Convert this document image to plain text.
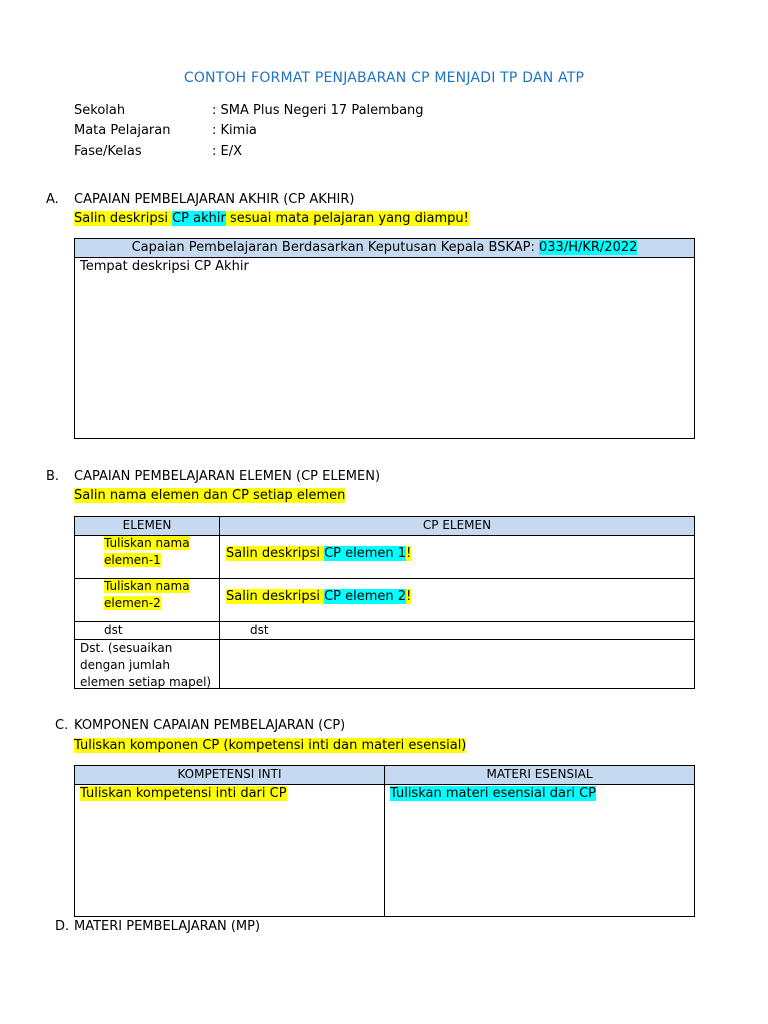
CONTOH FORMAT PENJABARAN CP MENJADI TP DAN ATP
Sekolah	: SMA Plus Negeri 17 Palembang
Mata Pelajaran	: Kimia
Fase/Kelas	: E/X
A. CAPAIAN PEMBELAJARAN AKHIR (CP AKHIR)
Salin deskripsi CP akhir sesuai mata pelajaran yang diampu!
Capaian Pembelajaran Berdasarkan Keputusan Kepala BSKAP: 033/H/KR/2022
Tempat deskripsi CP Akhir
B. CAPAIAN PEMBELAJARAN ELEMEN (CP ELEMEN)
Salin nama elemen dan CP setiap elemen
ELEMEN	CP ELEMEN
Tuliskan nama
elemen-1	Salin deskripsi CP elemen 1!
Tuliskan nama
elemen-2	Salin deskripsi CP elemen 2!
dst	dst
Dst. (sesuaikan
dengan jumlah
elemen setiap mapel)
C. KOMPONEN CAPAIAN PEMBELAJARAN (CP)
Tuliskan komponen CP (kompetensi inti dan materi esensial)
KOMPETENSI INTI	MATERI ESENSIAL
Tuliskan kompetensi inti dari CP	Tuliskan materi esensial dari CP
D. MATERI PEMBELAJARAN (MP)
